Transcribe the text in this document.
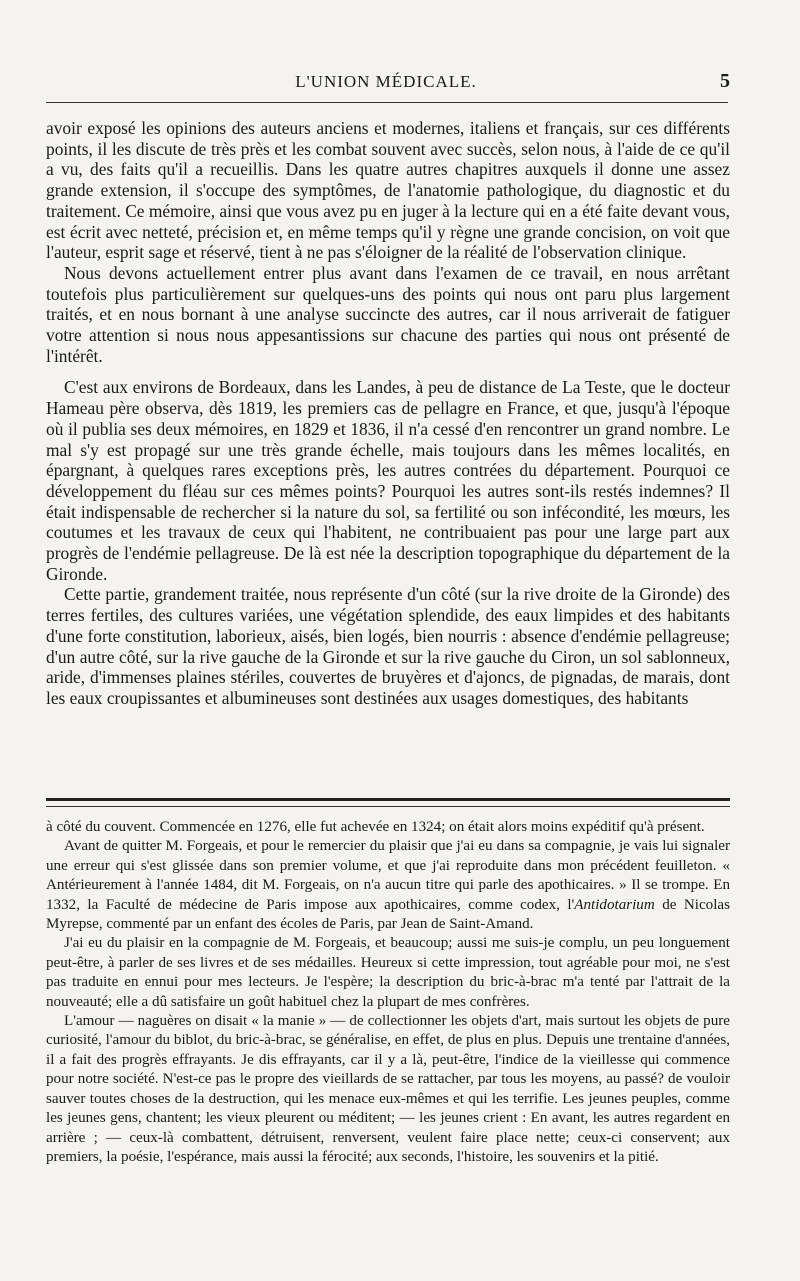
L'UNION MÉDICALE.	5

avoir exposé les opinions des auteurs anciens et modernes, italiens et français, sur ces différents points, il les discute de très près et les combat souvent avec succès, selon nous, à l'aide de ce qu'il a vu, des faits qu'il a recueillis. Dans les quatre autres chapitres auxquels il donne une assez grande extension, il s'occupe des symptômes, de l'anatomie pathologique, du diagnostic et du traitement. Ce mémoire, ainsi que vous avez pu en juger à la lecture qui en a été faite devant vous, est écrit avec netteté, précision et, en même temps qu'il y règne une grande concision, on voit que l'auteur, esprit sage et réservé, tient à ne pas s'éloigner de la réalité de l'observation clinique.

Nous devons actuellement entrer plus avant dans l'examen de ce travail, en nous arrêtant toutefois plus particulièrement sur quelques-uns des points qui nous ont paru plus largement traités, et en nous bornant à une analyse succincte des autres, car il nous arriverait de fatiguer votre attention si nous nous appesantissions sur chacune des parties qui nous ont présenté de l'intérêt.

C'est aux environs de Bordeaux, dans les Landes, à peu de distance de La Teste, que le docteur Hameau père observa, dès 1819, les premiers cas de pellagre en France, et que, jusqu'à l'époque où il publia ses deux mémoires, en 1829 et 1836, il n'a cessé d'en rencontrer un grand nombre. Le mal s'y est propagé sur une très grande échelle, mais toujours dans les mêmes localités, en épargnant, à quelques rares exceptions près, les autres contrées du département. Pourquoi ce développement du fléau sur ces mêmes points? Pourquoi les autres sont-ils restés indemnes? Il était indispensable de rechercher si la nature du sol, sa fertilité ou son infécondité, les mœurs, les coutumes et les travaux de ceux qui l'habitent, ne contribuaient pas pour une large part aux progrès de l'endémie pellagreuse. De là est née la description topographique du département de la Gironde.

Cette partie, grandement traitée, nous représente d'un côté (sur la rive droite de la Gironde) des terres fertiles, des cultures variées, une végétation splendide, des eaux limpides et des habitants d'une forte constitution, laborieux, aisés, bien logés, bien nourris : absence d'endémie pellagreuse; d'un autre côté, sur la rive gauche de la Gironde et sur la rive gauche du Ciron, un sol sablonneux, aride, d'immenses plaines stériles, couvertes de bruyères et d'ajoncs, de pignadas, de marais, dont les eaux croupissantes et albumineuses sont destinées aux usages domestiques, des habitants

à côté du couvent. Commencée en 1276, elle fut achevée en 1324; on était alors moins expéditif qu'à présent.

Avant de quitter M. Forgeais, et pour le remercier du plaisir que j'ai eu dans sa compagnie, je vais lui signaler une erreur qui s'est glissée dans son premier volume, et que j'ai reproduite dans mon précédent feuilleton. « Antérieurement à l'année 1484, dit M. Forgeais, on n'a aucun titre qui parle des apothicaires. » Il se trompe. En 1332, la Faculté de médecine de Paris impose aux apothicaires, comme codex, l'Antidotarium de Nicolas Myrepse, commenté par un enfant des écoles de Paris, par Jean de Saint-Amand.

J'ai eu du plaisir en la compagnie de M. Forgeais, et beaucoup; aussi me suis-je complu, un peu longuement peut-être, à parler de ses livres et de ses médailles. Heureux si cette impression, tout agréable pour moi, ne s'est pas traduite en ennui pour mes lecteurs. Je l'espère; la description du bric-à-brac m'a tenté par l'attrait de la nouveauté; elle a dû satisfaire un goût habituel chez la plupart de mes confrères.

L'amour — naguères on disait « la manie » — de collectionner les objets d'art, mais surtout les objets de pure curiosité, l'amour du biblot, du bric-à-brac, se généralise, en effet, de plus en plus. Depuis une trentaine d'années, il a fait des progrès effrayants. Je dis effrayants, car il y a là, peut-être, l'indice de la vieillesse qui commence pour notre société. N'est-ce pas le propre des vieillards de se rattacher, par tous les moyens, au passé? de vouloir sauver toutes choses de la destruction, qui les menace eux-mêmes et qui les terrifie. Les jeunes peuples, comme les jeunes gens, chantent; les vieux pleurent ou méditent; — les jeunes crient : En avant, les autres regardent en arrière ; — ceux-là combattent, détruisent, renversent, veulent faire place nette; ceux-ci conservent; aux premiers, la poésie, l'espérance, mais aussi la férocité; aux seconds, l'histoire, les souvenirs et la pitié.
